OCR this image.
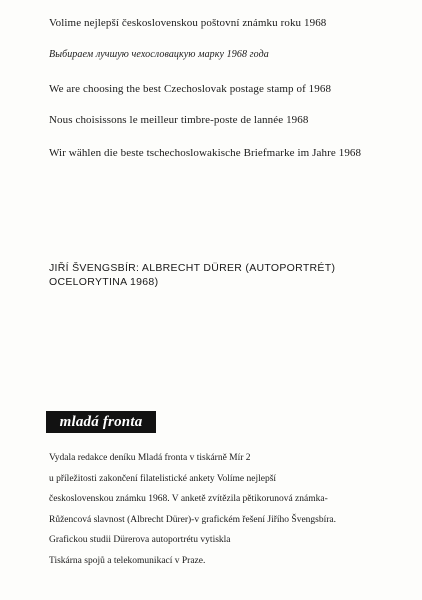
Volime nejlepší československou poštovní známku roku 1968

Выбираем лучшую чехословацкую марку 1968 года

We are choosing the best Czechoslovak postage stamp of 1968

Nous choisissons le meilleur timbre-poste de lannée 1968

Wir wählen die beste tschechoslowakische Briefmarke im Jahre 1968

JIŘÍ ŠVENGSBÍR: ALBRECHT DÜRER (AUTOPORTRÉT)

OCELORYTINA 1968)

mladá fronta

Vydala redakce deníku Mladá fronta v tiskárně Mír 2

u příležitosti zakončení filatelistické ankety Volíme nejlepší

československou známku 1968. V anketě zvítězila pětikorunová známka-

Růžencová slavnost (Albrecht Dürer)-v grafickém řešení Jiřího Švengsbíra.

Grafickou studii Dürerova autoportrétu vytiskla

Tiskárna spojů a telekomunikací v Praze.
